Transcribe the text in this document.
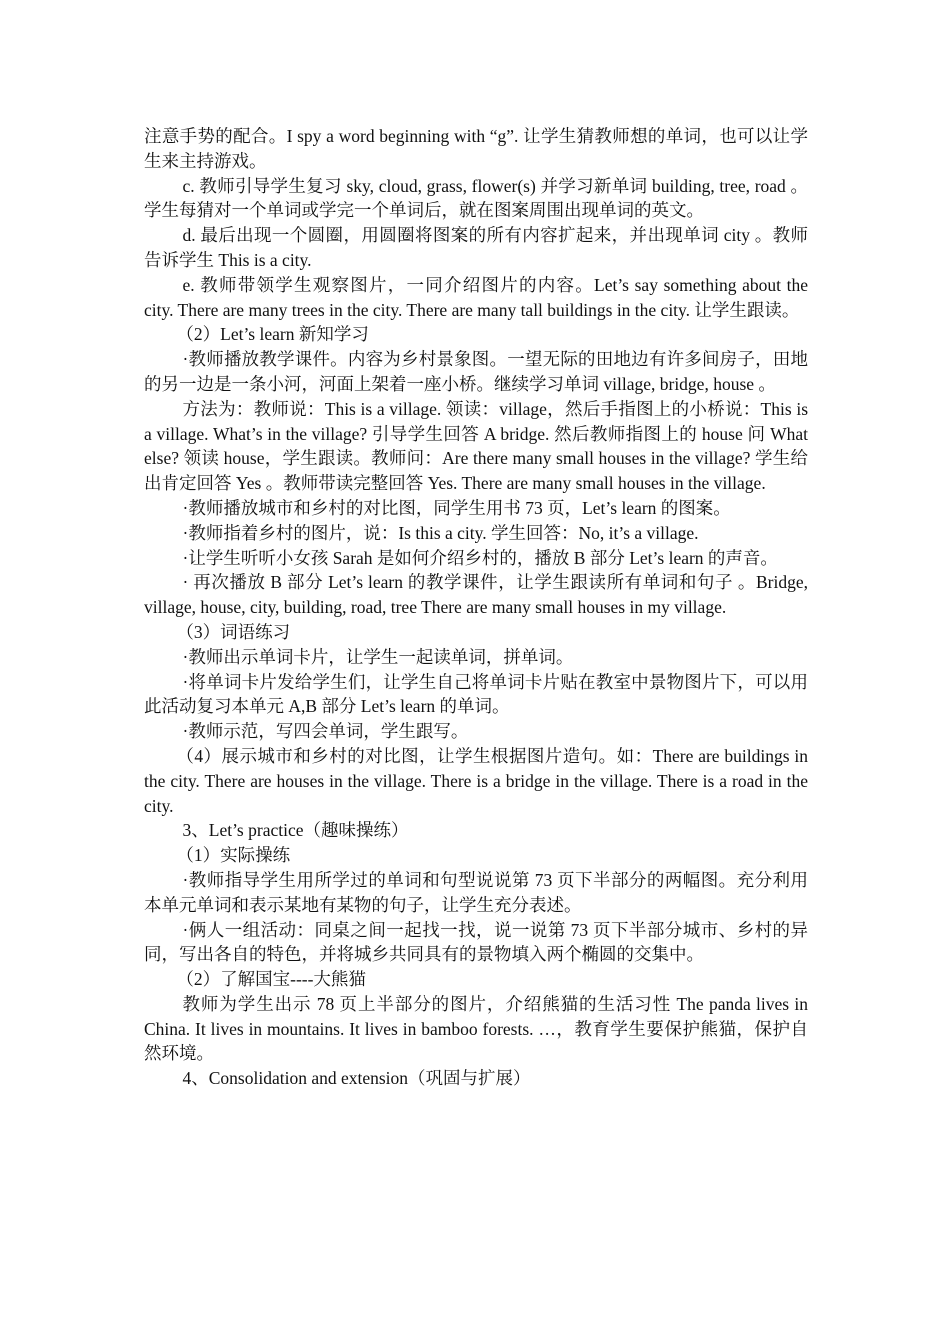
注意手势的配合。I spy a word beginning with “g”. 让学生猜教师想的单词，也可以让学生来主持游戏。

c. 教师引导学生复习 sky, cloud, grass, flower(s) 并学习新单词 building, tree, road 。学生每猜对一个单词或学完一个单词后，就在图案周围出现单词的英文。

d. 最后出现一个圆圈，用圆圈将图案的所有内容扩起来，并出现单词 city 。教师告诉学生 This is a city.

e. 教师带领学生观察图片，一同介绍图片的内容。Let’s say something about the city. There are many trees in the city. There are many tall buildings in the city. 让学生跟读。

（2）Let’s learn 新知学习

·教师播放教学课件。内容为乡村景象图。一望无际的田地边有许多间房子，田地的另一边是一条小河，河面上架着一座小桥。继续学习单词 village, bridge, house 。

方法为：教师说：This is a village. 领读：village，然后手指图上的小桥说：This is a village. What’s in the village? 引导学生回答 A bridge. 然后教师指图上的 house 问 What else? 领读 house，学生跟读。教师问：Are there many small houses in the village? 学生给出肯定回答 Yes 。教师带读完整回答 Yes. There are many small houses in the village.

·教师播放城市和乡村的对比图，同学生用书 73 页，Let’s learn 的图案。

·教师指着乡村的图片，说：Is this a city. 学生回答：No, it’s a village.

·让学生听听小女孩 Sarah 是如何介绍乡村的，播放 B 部分 Let’s learn 的声音。

· 再次播放 B 部分 Let’s learn 的教学课件，让学生跟读所有单词和句子 。Bridge, village, house, city, building, road, tree There are many small houses in my village.

（3）词语练习

·教师出示单词卡片，让学生一起读单词，拼单词。

·将单词卡片发给学生们，让学生自己将单词卡片贴在教室中景物图片下，可以用此活动复习本单元 A,B 部分 Let’s learn 的单词。

·教师示范，写四会单词，学生跟写。

（4）展示城市和乡村的对比图，让学生根据图片造句。如：There are buildings in the city. There are houses in the village. There is a bridge in the village. There is a road in the city.

3、Let’s practice（趣味操练）

（1）实际操练

·教师指导学生用所学过的单词和句型说说第 73 页下半部分的两幅图。充分利用本单元单词和表示某地有某物的句子，让学生充分表述。

·俩人一组活动：同桌之间一起找一找，说一说第 73 页下半部分城市、乡村的异同，写出各自的特色，并将城乡共同具有的景物填入两个椭圆的交集中。

（2）了解国宝----大熊猫

教师为学生出示 78 页上半部分的图片，介绍熊猫的生活习性 The panda lives in China. It lives in mountains. It lives in bamboo forests. …，教育学生要保护熊猫，保护自然环境。

4、Consolidation and extension（巩固与扩展）
